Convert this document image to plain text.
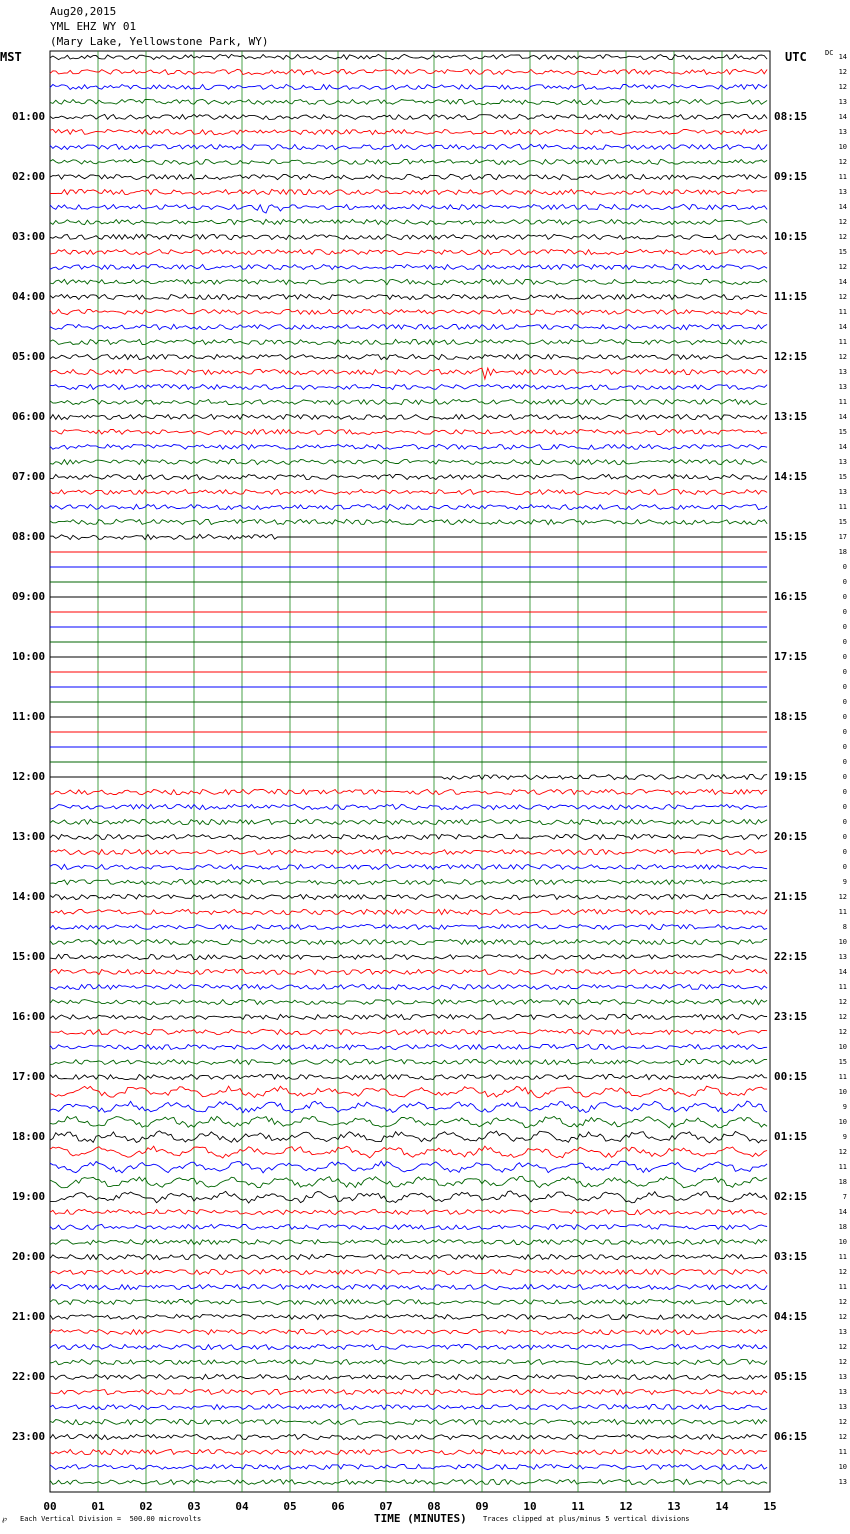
Aug20,2015
YML EHZ WY 01
(Mary Lake, Yellowstone Park, WY)
MST	UTC	DC
01:00
02:00
03:00
04:00
05:00
06:00
07:00
08:00
09:00
10:00
11:00
12:00
13:00
14:00
15:00
16:00
17:00
18:00
19:00
20:00
21:00
22:00
23:00
08:15
09:15
10:15
11:15
12:15
13:15
14:15
15:15
16:15
17:15
18:15
19:15
20:15
21:15
22:15
23:15
00:15
01:15
02:15
03:15
04:15
05:15
06:15
14
12
12
13
14
13
10
12
11
13
14
12
12
15
12
14
12
11
14
11
12
13
13
11
14
15
14
13
15
13
11
15
17
18
0
0
0
0
0
0
0
0
0
0
0
0
0
0
0
0
0
0
0
0
0
9
12
11
8
10
13
14
11
12
12
12
10
15
11
10
9
10
9
12
11
18
7
14
18
10
11
12
11
12
12
13
12
12
13
13
13
12
12
11
10
13
00	01	02	03	04	05	06	07	08	09	10	11	12	13	14	15
TIME (MINUTES)
℘ Each Vertical Division =  500.00 microvolts	Traces clipped at plus/minus 5 vertical divisions
